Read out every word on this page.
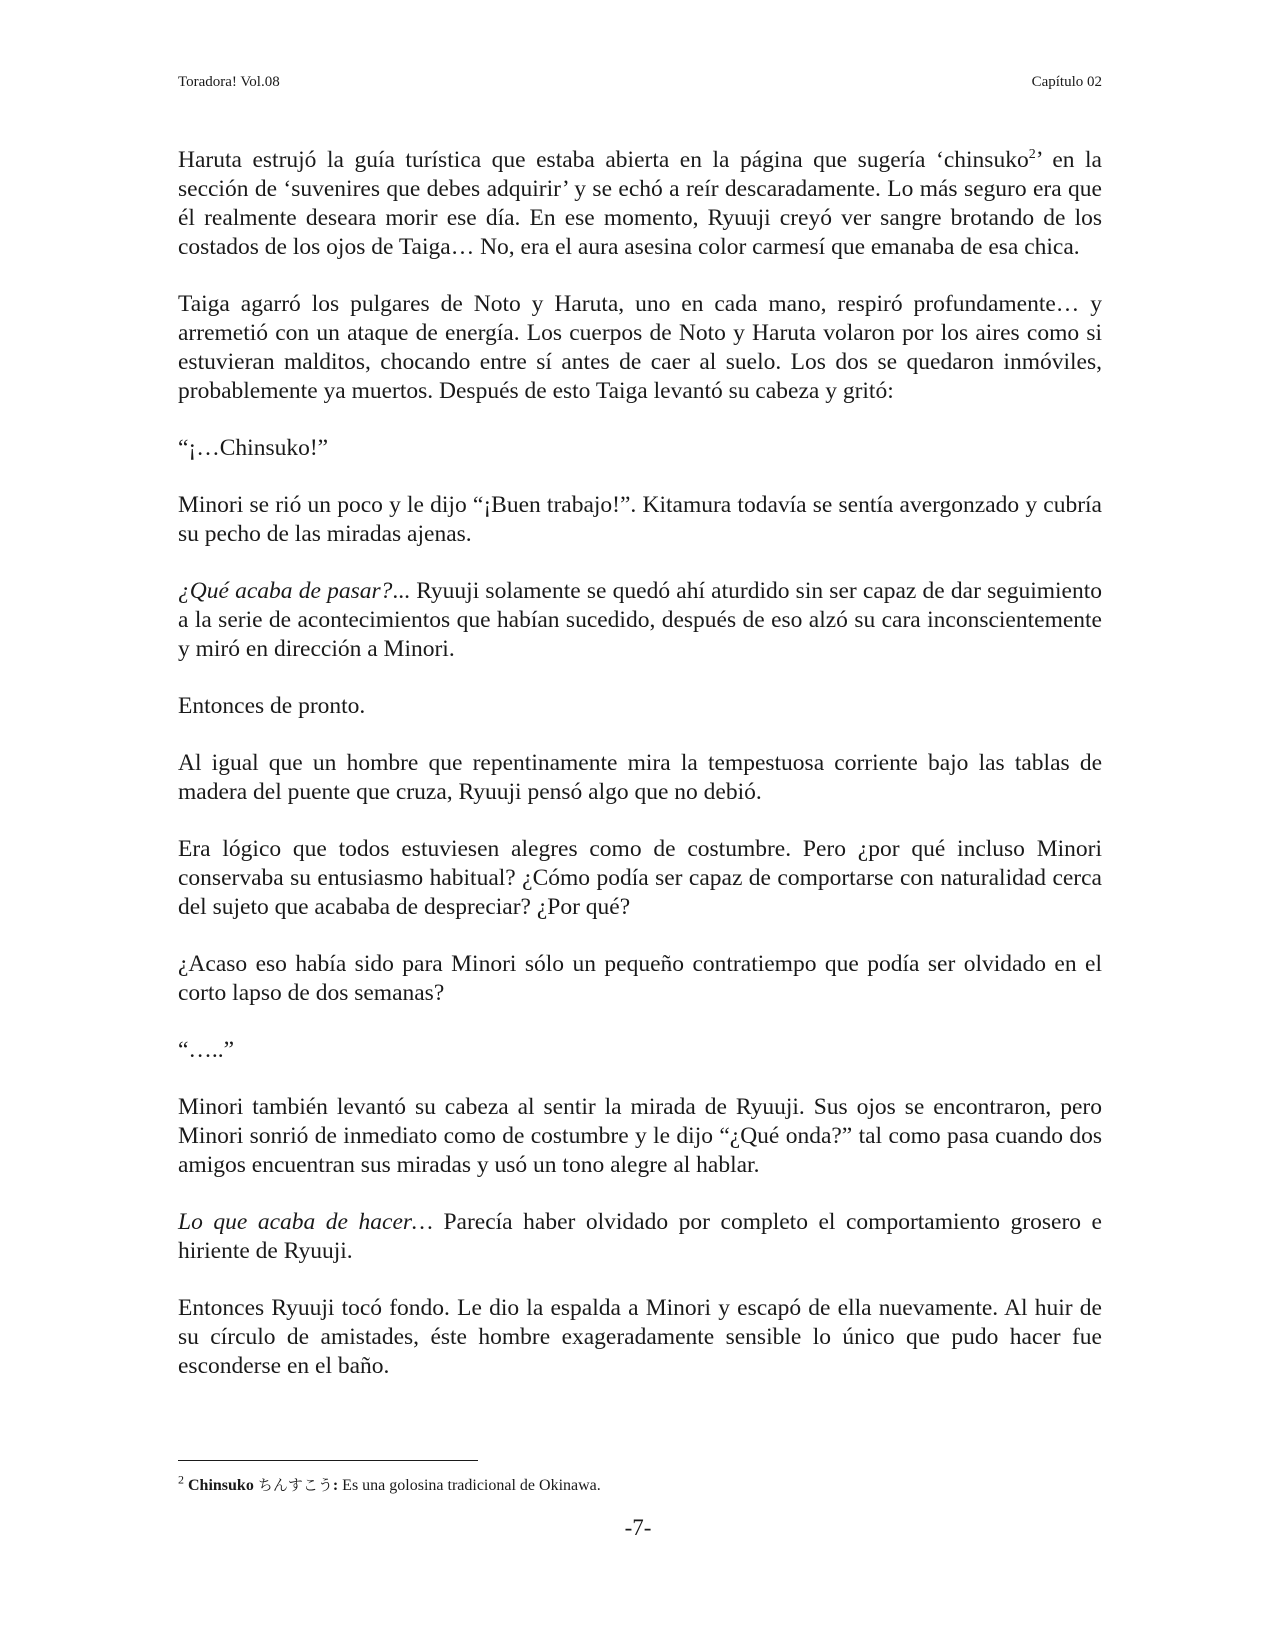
Toradora! Vol.08	Capítulo 02

Haruta estrujó la guía turística que estaba abierta en la página que sugería ‘chinsuko$^2$’ en la sección de ‘suvenires que debes adquirir’ y se echó a reír descaradamente. Lo más seguro era que él realmente deseara morir ese día. En ese momento, Ryuuji creyó ver sangre brotando de los costados de los ojos de Taiga… No, era el aura asesina color carmesí que emanaba de esa chica.

Taiga agarró los pulgares de Noto y Haruta, uno en cada mano, respiró profundamente… y arremetió con un ataque de energía. Los cuerpos de Noto y Haruta volaron por los aires como si estuvieran malditos, chocando entre sí antes de caer al suelo. Los dos se quedaron inmóviles, probablemente ya muertos. Después de esto Taiga levantó su cabeza y gritó:

“¡…Chinsuko!”

Minori se rió un poco y le dijo “¡Buen trabajo!”. Kitamura todavía se sentía avergonzado y cubría su pecho de las miradas ajenas.

¿Qué acaba de pasar?... Ryuuji solamente se quedó ahí aturdido sin ser capaz de dar seguimiento a la serie de acontecimientos que habían sucedido, después de eso alzó su cara inconscientemente y miró en dirección a Minori.

Entonces de pronto.

Al igual que un hombre que repentinamente mira la tempestuosa corriente bajo las tablas de madera del puente que cruza, Ryuuji pensó algo que no debió.

Era lógico que todos estuviesen alegres como de costumbre. Pero ¿por qué incluso Minori conservaba su entusiasmo habitual? ¿Cómo podía ser capaz de comportarse con naturalidad cerca del sujeto que acababa de despreciar? ¿Por qué?

¿Acaso eso había sido para Minori sólo un pequeño contratiempo que podía ser olvidado en el corto lapso de dos semanas?

“…..”

Minori también levantó su cabeza al sentir la mirada de Ryuuji. Sus ojos se encontraron, pero Minori sonrió de inmediato como de costumbre y le dijo “¿Qué onda?” tal como pasa cuando dos amigos encuentran sus miradas y usó un tono alegre al hablar.

Lo que acaba de hacer… Parecía haber olvidado por completo el comportamiento grosero e hiriente de Ryuuji.

Entonces Ryuuji tocó fondo. Le dio la espalda a Minori y escapó de ella nuevamente. Al huir de su círculo de amistades, éste hombre exageradamente sensible lo único que pudo hacer fue esconderse en el baño.

$^2$ Chinsuko ちんすこう: Es una golosina tradicional de Okinawa.
-7-
